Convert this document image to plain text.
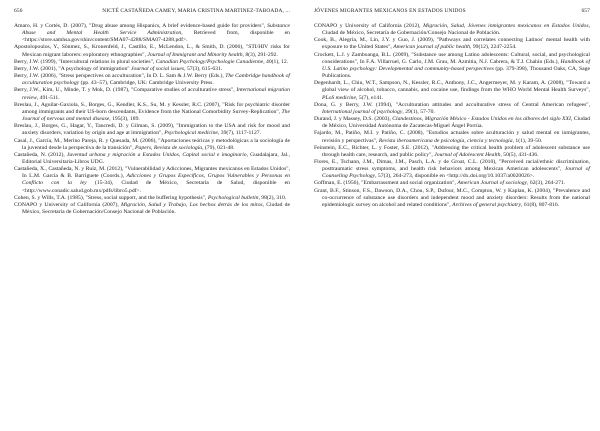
656	NICTÉ CASTAÑEDA CAMEY, MARIA CRISTINA MARTINEZ-TABOADA, ...

Amaro, H. y Cortés, D. (2007), "Drug abuse among Hispanics, A brief evidence-based guide for providers", Substance Abuse and Mental Health Service Administration, Retrieved from, disponible en <https://store.samhsa.gov/shin/content/SMA07-4288/SMA07-4288.pdf>.

Apostolopoulos, Y., Sönmez, S., Kronenfeld, J., Castillo, E., McLendon, L., & Smith, D. (2006), "STI/HIV risks for Mexican migrant laborers: exploratory ethnographies", Journal of Immigrant and Minority health, 8(3), 291-292.

Berry, J.W. (1999), "Intercultural relations in plural societies", Canadian Psychology/Psychologie Canadienne, 40(1), 12.

Berry, J.W. (2001), "A psychology of immigration" Journal of social issues, 57(3), 615-631.

Berry, J.W. (2006), "Stress perspectives on acculturation", In D. L. Sam & J.W. Berry (Eds.), The Cambridge handbook of acculturation psychology (pp. 43–57), Cambridge, UK: Cambridge University Press.

Berry, J.W., Kim, U., Minde, T. y Mok, D. (1987), "Comparative studies of acculturative stress", International migration review, 491-511.

Breslau, J., Aguilar-Gaxiola, S., Borges, G., Kendler, K.S., Su, M. y Kessler, R.C. (2007), "Risk for psychiatric disorder among immigrants and their US-born descendants, Evidence from the National Comorbidity Survey-Replication", The Journal of nervous and mental disease, 195(3), 189.

Breslau, J., Borges, G., Hagar, Y., Tancredi, D. y Gilman, S. (2009), "Immigration to the USA and risk for mood and anxiety disorders, variation by origin and age at immigration", Psychological medicine, 39(7), 1117-1127.

Casal, J., García, M., Merino Pareja, R. y Quesada, M. (2006), "Aportaciones teóricas y metodológicas a la sociología de la juventud desde la perspectiva de la transición", Papers, Revista de sociología, (79), 021-48.

Castañeda, N. (2012), Juventud urbana y migración a Estados Unidos, Capital social e imaginario, Guadalajara, Jal., Editorial Universitaria-Libros UDG.

Castañeda, X., Castañeda, N. y Ruiz, M. (2012), "Vulnerabilidad y Adicciones, Migrantes mexicanos en Estados Unidos", In L.M. García & B. Barriguete (Coords.), Adicciones y Grupos Específicos, Grupos Vulnerables y Personas en Conflicto con la ley (15-34), Ciudad de México, Secretaría de Salud, disponible en <http://www.conadic.salud.gob.mx/pdfs/libro5.pdf>.

Cohen, S. y Wills, T.A. (1985), "Stress, social support, and the buffering hypothesis", Psychological bulletin, 98(2), 310.

CONAPO y University of California (2007), Migración, Salud y Trabajo, Los hechos detrás de los mitos, Ciudad de México, Secretaría de Gobernación/Consejo Nacional de Población.

JÓVENES MIGRANTES MEXICANOS EN ESTADOS UNIDOS	657

CONAPO y University of California (2012), Migración, Salud, Jóvenes inmigrantes mexicanos en Estados Unidos, Ciudad de México, Secretaría de Gobernación/Consejo Nacional de Población.

Cook, B., Alegría, M., Lin, J.Y. y Guo, J. (2009), "Pathways and correlates connecting Latinos' mental health with exposure to the United States", American journal of public health, 99(12), 2247-2254.

Crockett, L.J. y Zamboanga, B.L. (2009), "Substance use among Latino adolescents: Cultural, social, and psychological considerations", In F.A. Villarruel, G. Carlo, J.M. Grau, M. Azmitia, N.J. Cabrera, & T.J. Chahin (Eds.), Handbook of U.S. Latino psychology: Developmental and community-based perspectives (pp. 379-398), Thousand Oaks, CA, Sage Publications.

Degenhardt, L., Chiu, W.T., Sampson, N., Kessler, R.C., Anthony, J.C., Angermeyer, M. y Karam, A. (2008), "Toward a global view of alcohol, tobacco, cannabis, and cocaine use, findings from the WHO World Mental Health Surveys", PLoS medicine, 5(7), e141.

Dona, G. y Berry, J.W. (1994), "Acculturation attitudes and acculturative stress of Central American refugees", International journal of psychology, 29(1), 57-70.

Durand, J. y Massey, D.S. (2003), Clandestinos, Migración México - Estados Unidos en los albores del siglo XXI, Ciudad de México, Universidad Autónoma de Zacatecas-Miguel Ángel Porrúa.

Fajardo, M., Patiño, M.I. y Patiño, C. (2008), "Estudios actuales sobre aculturación y salud mental en inmigrantes, revisión y perspectivas", Revista iberoamericana de psicología, ciencia y tecnología, 1(1), 39-50.

Feinstein, E.C., Richter, L. y Foster, S.E. (2012), "Addressing the critical health problem of adolescent substance use through health care, research, and public policy", Journal of Adolescent Health, 50(5), 431-436.

Flores, E., Tschann, J.M., Dimas, J.M., Pasch, L.A. y de Groat, C.L. (2010), "Perceived racial/ethnic discrimination, posttraumatic stress symptoms, and health risk behaviors among Mexican American adolescents", Journal of Counseling Psychology, 57(3), 264-273, disponible en <http://dx.doi.org/10.1037/a0020026>.

Goffman, E. (1956), "Embarrassment and social organization", American Journal of sociology, 62(3), 264-271.

Grant, B.F., Stinson, F.S., Dawson, D.A., Chou, S.P., Dufour, M.C., Compton, W. y Kaplan, K. (2004), "Prevalence and co-occurrence of substance use disorders and independent mood and anxiety disorders: Results from the national epidemiologic survey on alcohol and related conditions", Archives of general psychiatry, 61(8), 807-816.
